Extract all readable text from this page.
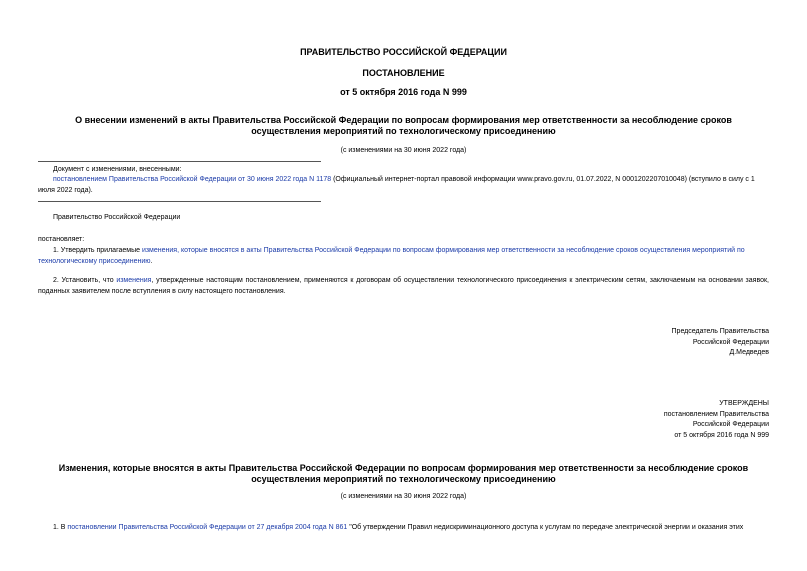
ПРАВИТЕЛЬСТВО РОССИЙСКОЙ ФЕДЕРАЦИИ
ПОСТАНОВЛЕНИЕ
от 5 октября 2016 года N 999
О внесении изменений в акты Правительства Российской Федерации по вопросам формирования мер ответственности за несоблюдение сроков осуществления мероприятий по технологическому присоединению
(с изменениями на 30 июня 2022 года)
Документ с изменениями, внесенными:
постановлением Правительства Российской Федерации от 30 июня 2022 года N 1178 (Официальный интернет-портал правовой информации www.pravo.gov.ru, 01.07.2022, N 0001202207010048) (вступило в силу с 1 июля 2022 года).
Правительство Российской Федерации
постановляет:
1. Утвердить прилагаемые изменения, которые вносятся в акты Правительства Российской Федерации по вопросам формирования мер ответственности за несоблюдение сроков осуществления мероприятий по технологическому присоединению.
2. Установить, что изменения, утвержденные настоящим постановлением, применяются к договорам об осуществлении технологического присоединения к электрическим сетям, заключаемым на основании заявок, поданных заявителем после вступления в силу настоящего постановления.
Председатель Правительства
Российской Федерации
Д.Медведев
УТВЕРЖДЕНЫ
постановлением Правительства
Российской Федерации
от 5 октября 2016 года N 999
Изменения, которые вносятся в акты Правительства Российской Федерации по вопросам формирования мер ответственности за несоблюдение сроков осуществления мероприятий по технологическому присоединению
(с изменениями на 30 июня 2022 года)
1. В постановлении Правительства Российской Федерации от 27 декабря 2004 года N 861 "Об утверждении Правил недискриминационного доступа к услугам по передаче электрической энергии и оказания этих
